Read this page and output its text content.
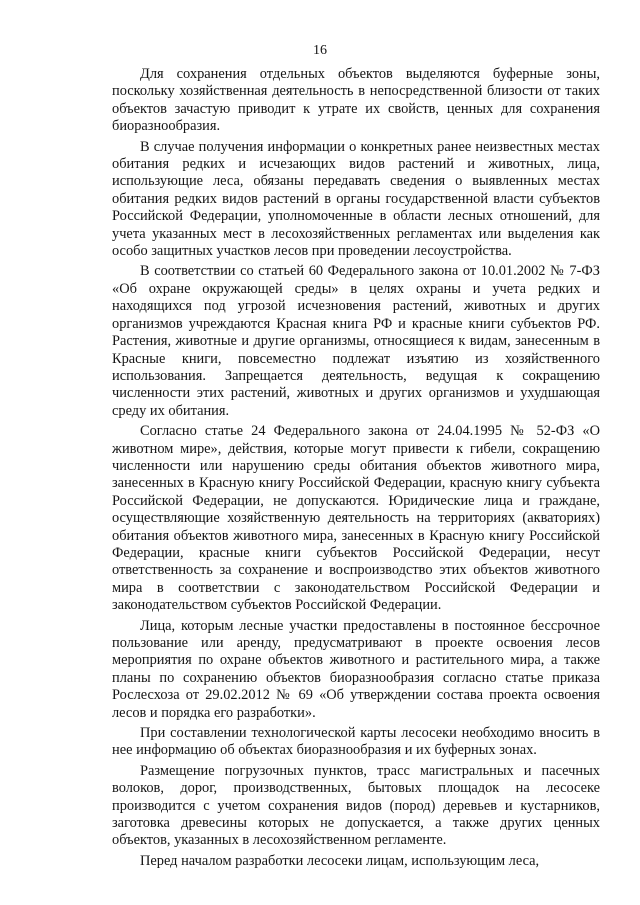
16

Для сохранения отдельных объектов выделяются буферные зоны, поскольку хозяйственная деятельность в непосредственной близости от таких объектов зачастую приводит к утрате их свойств, ценных для сохранения биоразнообразия.

В случае получения информации о конкретных ранее неизвестных местах обитания редких и исчезающих видов растений и животных, лица, использующие леса, обязаны передавать сведения о выявленных местах обитания редких видов растений в органы государственной власти субъектов Российской Федерации, уполномоченные в области лесных отношений, для учета указанных мест в лесохозяйственных регламентах или выделения как особо защитных участков лесов при проведении лесоустройства.

В соответствии со статьей 60 Федерального закона от 10.01.2002 № 7-ФЗ «Об охране окружающей среды» в целях охраны и учета редких и находящихся под угрозой исчезновения растений, животных и других организмов учреждаются Красная книга РФ и красные книги субъектов РФ. Растения, животные и другие организмы, относящиеся к видам, занесенным в Красные книги, повсеместно подлежат изъятию из хозяйственного использования. Запрещается деятельность, ведущая к сокращению численности этих растений, животных и других организмов и ухудшающая среду их обитания.

Согласно статье 24 Федерального закона от 24.04.1995 № 52-ФЗ «О животном мире», действия, которые могут привести к гибели, сокращению численности или нарушению среды обитания объектов животного мира, занесенных в Красную книгу Российской Федерации, красную книгу субъекта Российской Федерации, не допускаются. Юридические лица и граждане, осуществляющие хозяйственную деятельность на территориях (акваториях) обитания объектов животного мира, занесенных в Красную книгу Российской Федерации, красные книги субъектов Российской Федерации, несут ответственность за сохранение и воспроизводство этих объектов животного мира в соответствии с законодательством Российской Федерации и законодательством субъектов Российской Федерации.

Лица, которым лесные участки предоставлены в постоянное бессрочное пользование или аренду, предусматривают в проекте освоения лесов мероприятия по охране объектов животного и растительного мира, а также планы по сохранению объектов биоразнообразия согласно статье приказа Рослесхоза от 29.02.2012 № 69 «Об утверждении состава проекта освоения лесов и порядка его разработки».

При составлении технологической карты лесосеки необходимо вносить в нее информацию об объектах биоразнообразия и их буферных зонах.

Размещение погрузочных пунктов, трасс магистральных и пасечных волоков, дорог, производственных, бытовых площадок на лесосеке производится с учетом сохранения видов (пород) деревьев и кустарников, заготовка древесины которых не допускается, а также других ценных объектов, указанных в лесохозяйственном регламенте.

Перед началом разработки лесосеки лицам, использующим леса,
